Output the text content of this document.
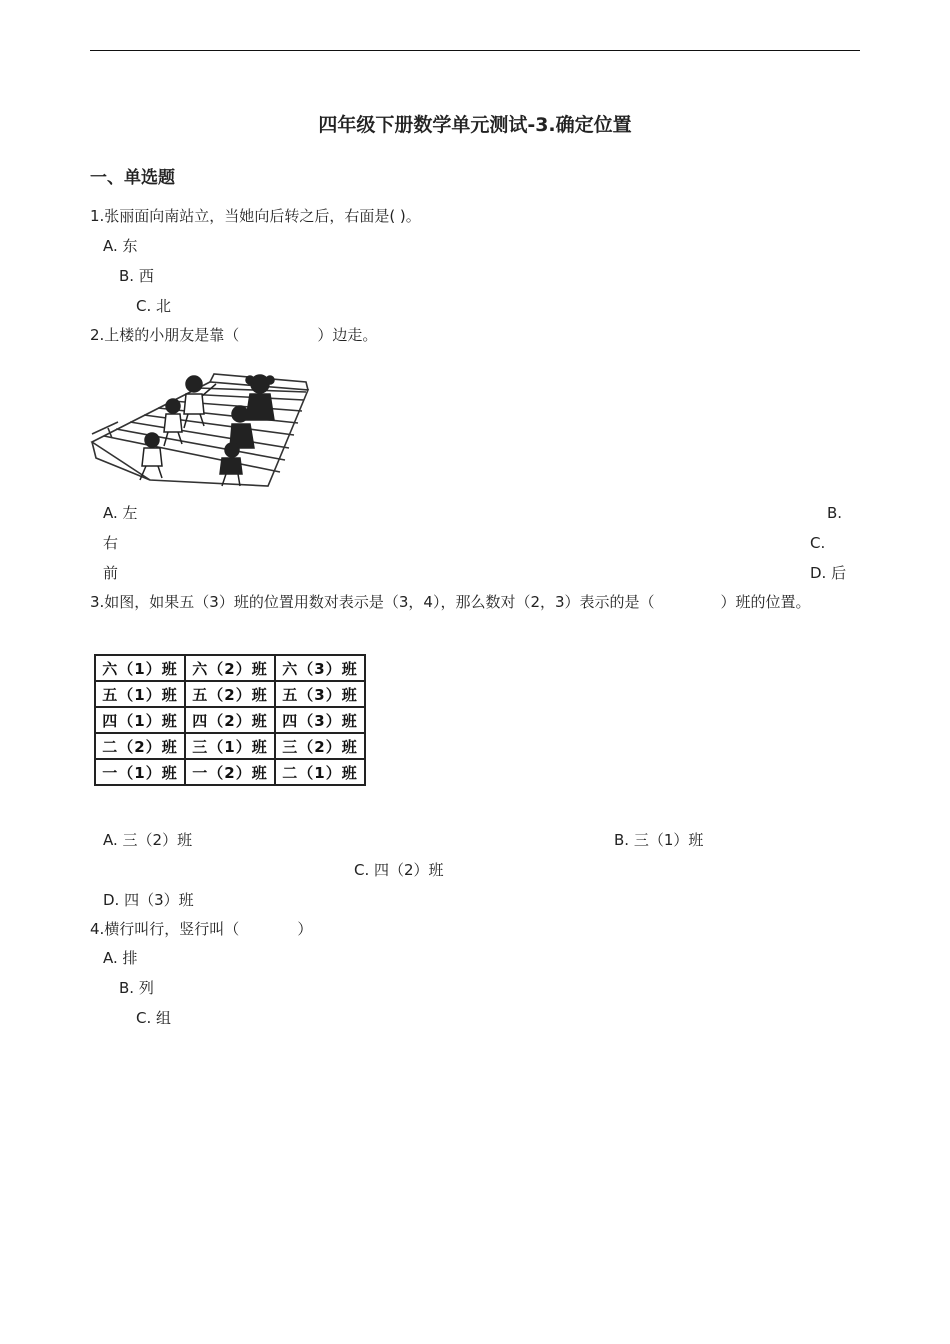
四年级下册数学单元测试-3.确定位置
一、单选题
1.张丽面向南站立，当她向后转之后，右面是( )。
A. 东
B. 西
C. 北
2.上楼的小朋友是靠（	）边走。
A. 左	B.
右	C.
前	D. 后
3.如图，如果五（3）班的位置用数对表示是（3，4），那么数对（2，3）表示的是（	）班的位置。
六（1）班	六（2）班	六（3）班
五（1）班	五（2）班	五（3）班
四（1）班	四（2）班	四（3）班
二（2）班	三（1）班	三（2）班
一（1）班	一（2）班	二（1）班
A. 三（2）班	B. 三（1）班
C. 四（2）班
D. 四（3）班
4.横行叫行，竖行叫（	）
A. 排
B. 列
C. 组
